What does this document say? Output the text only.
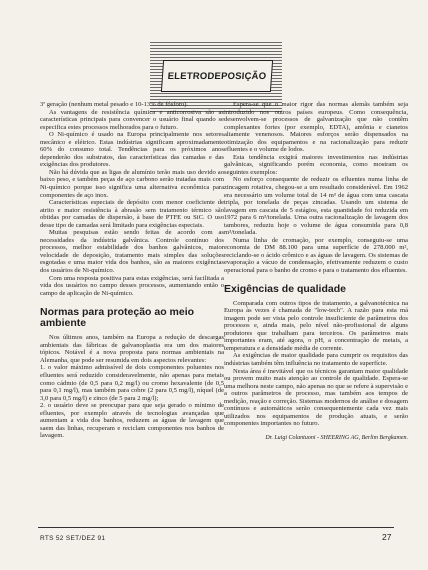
ELETRODEPOSIÇÃO

3ª geração (nenhum metal pesado e 10-13% de fósforo).

As vantagens de resistência química e anticorrosiva são as características principais para convencer o usuário final quando se especifica estes processos melhorados para o futuro.

O Ni-químico é usado na Europa principalmente nos setores mecânico e elétrico. Estas indústrias significam aproximadamente 60% do consumo total. Tendências para os próximos anos dependerão dos substratos, das características das camadas e das exigências dos produtores.

Não há dúvida que as ligas de alumínio terão mais uso devido ao baixo peso, e também peças de aço carbono serão tratadas mais com Ni-químico porque isso significa uma alternativa econômica para componentes de aço inox.

Características especiais de depósito com menor coeficiente de atrito e maior resistência à abrasão sem tratamento térmico são obtidas por camadas de dispersão, à base de PTFE ou SiC. O uso desse tipo de camadas será limitado para exigências especiais.

Muitas pesquisas estão sendo feitas de acordo com as necessidades da indústria galvânica. Controle contínuo dos processos, melhor estabilidade dos banhos galvânicos, maior velocidade de deposição, tratamento mais simples das soluções esgotadas e uma maior vida dos banhos, são as maiores exigências dos usuários de Ni-químico.

Com uma resposta positiva para estas exigências, será facilitada a vida dos usuários no campo desses processos, aumentando então o campo de aplicação de Ni-químico.

Normas para proteção ao meio ambiente

Nos últimos anos, também na Europa a redução de descargas ambientais das fábricas de galvanoplastia era um dos maiores tópicos. Notável é a nova proposta para normas ambientais na Alemanha, que pode ser resumida em dois aspectos relevantes:

1. o valor máximo admissível de dois componentes poluentes nos efluentes será reduzido consideravelmente, não apenas para metais como cádmio (de 0,5 para 0,2 mg/l) ou cromo hexavalente (de 0,5 para 0,1 mg/l), mas também para cobre (2 para 0,5 mg/l), níquel (de 3,0 para 0,5 mg/l) e zinco (de 5 para 2 mg/l);

2. o usuário deve se preocupar para que seja gerado o mínimo de efluentes, por exemplo através de tecnologias avançadas que aumentam a vida dos banhos, reduzem as águas de lavagem que saem das linhas, recuperam e reciclam componentes nos banhos de lavagem.

Espera-se que o maior rigor das normas alemãs também seja introduzido nos outros países europeus. Como consequência, desenvolvem-se processos de galvanização que não contêm complexantes fortes (por exemplo, EDTA), amônia e cianetos altamente venenosos. Maiores esforços serão dispensados na otimização dos equipamentos e na racionalização para reduzir efluentes e o volume de lodos.

Esta tendência exigirá maiores investimentos nas indústrias galvânicas, significando porém economia, como mostram os seguintes exemplos:

No esforço consequente de reduzir os efluentes numa linha de zincagem rotativa, chegou-se a um resultado considerável. Em 1962 era necessário um volume total de 14 m³ de água com uma cascata tripla, por tonelada de peças zincadas. Usando um sistema de lavagem em cascata de 5 estágios, esta quantidade foi reduzida em 1972 para 6 m³/tonelada. Uma outra racionalização de lavagem dos tambores, reduziu hoje o volume de água consumida para 0,8 m³/tonelada.

Numa linha de cromação, por exemplo, conseguiu-se uma economia de DM 88.100 para uma superfície de 278.000 m², reciclando-se o ácido crômico e as águas de lavagem. Os sistemas de evaporação a vácuo de condensação, efetivamente reduzem o custo operacional para o banho de cromo e para o tratamento dos efluentes.

Exigências de qualidade

Comparada com outros tipos de tratamento, a galvanotécnica na Europa às vezes é chamada de "low-tech". A razão para esta má imagem pode ser vista pelo controle insuficiente de parâmetros dos processos e, ainda mais, pelo nível não-profissional de alguns produtores que trabalham para terceiros. Os parâmetros mais importantes eram, até agora, o pH, a concentração de metais, a temperatura e a densidade média de corrente.

As exigências de maior qualidade para cumprir os requisitos das indústrias também têm influência no tratamento de superfície.

Nesta área é inevitável que os técnicos garantam maior qualidade ou provem muito mais atenção ao controle de qualidade. Espera-se uma melhora neste campo, não apenas no que se refere à supervisão e a outros parâmetros de processo, mas também aos tempos de medição, reação e correção. Sistemas modernos de análise e dosagem contínuos e automáticos serão consequentemente cada vez mais utilizados nos equipamentos de produção atuais, e serão componentes importantes no futuro.

Dr. Luigi Colantuoni - SHEERING AG, Berlim Bergkamen.
RTS 52 SET/DEZ 91	27
